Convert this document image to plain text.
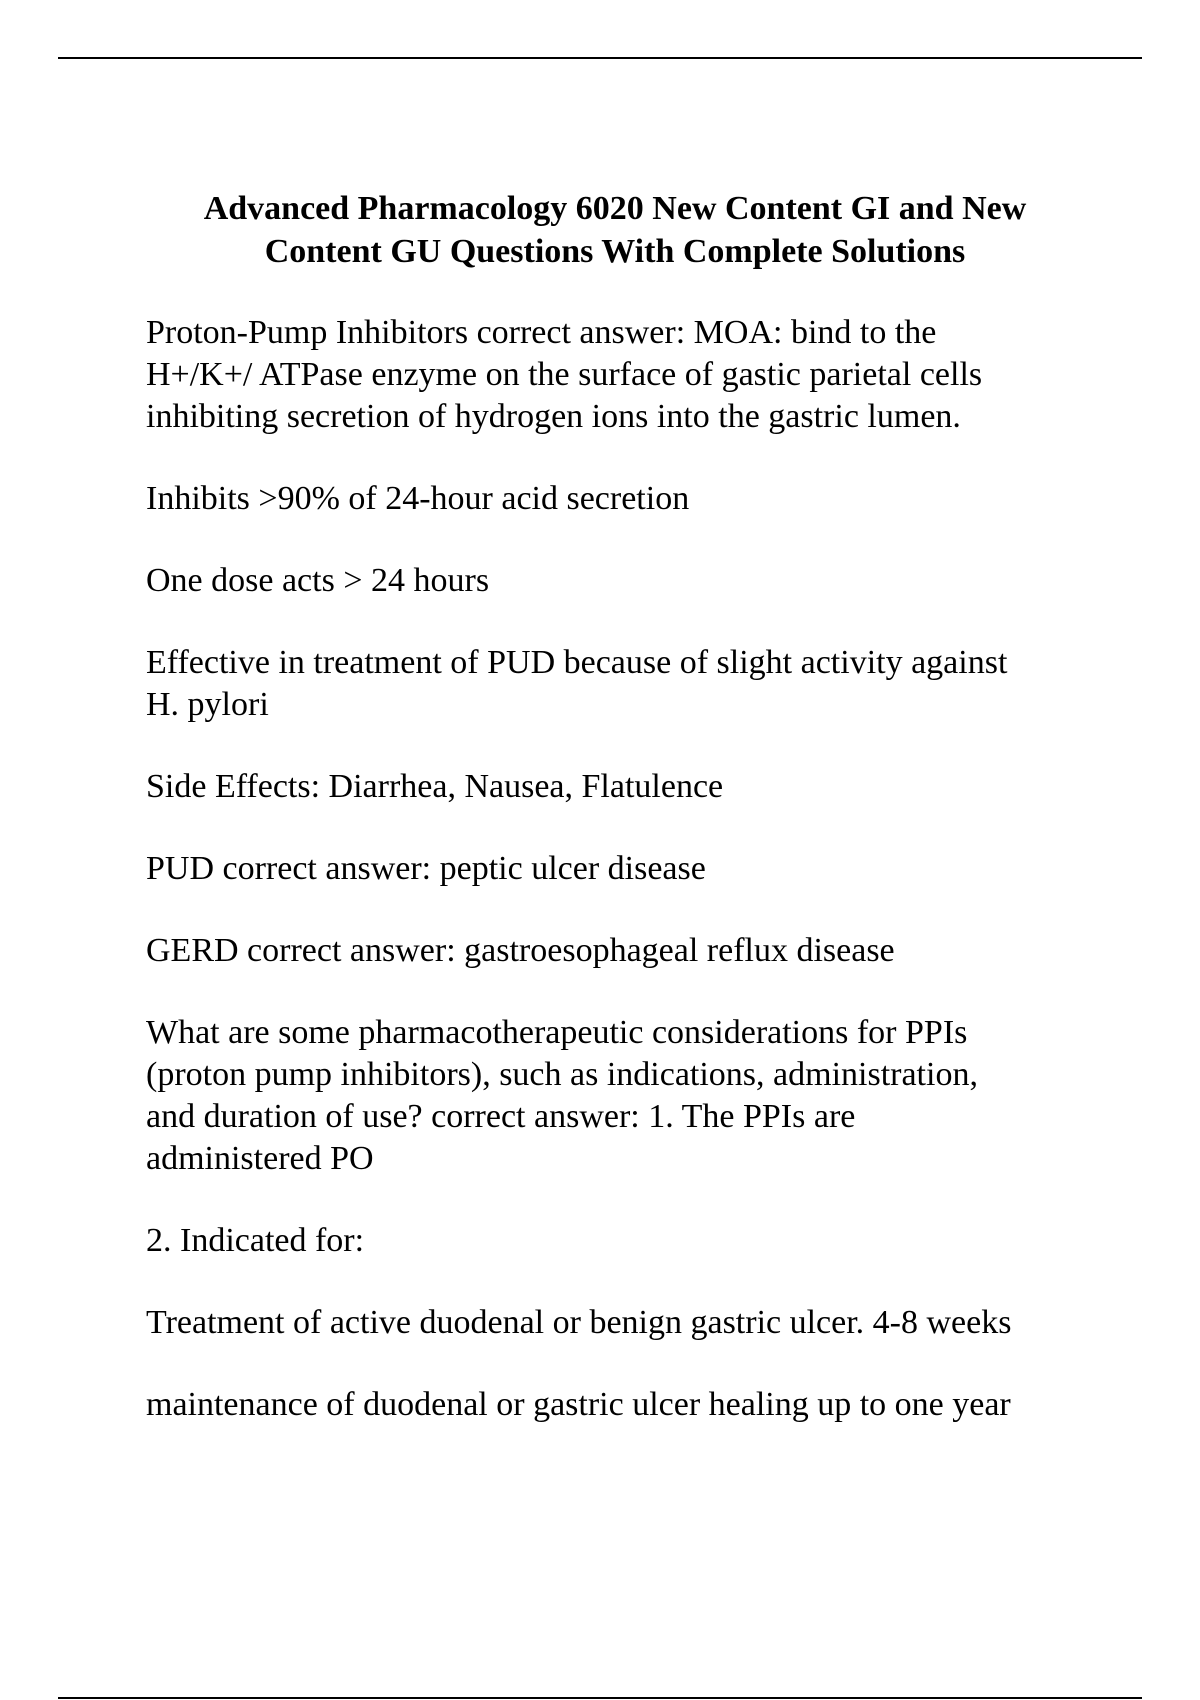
Advanced Pharmacology 6020 New Content GI and New
Content GU Questions With Complete Solutions

Proton-Pump Inhibitors correct answer: MOA: bind to the
H+/K+/ ATPase enzyme on the surface of gastic parietal cells
inhibiting secretion of hydrogen ions into the gastric lumen.

Inhibits >90% of 24-hour acid secretion

One dose acts > 24 hours

Effective in treatment of PUD because of slight activity against
H. pylori

Side Effects: Diarrhea, Nausea, Flatulence

PUD correct answer: peptic ulcer disease

GERD correct answer: gastroesophageal reflux disease

What are some pharmacotherapeutic considerations for PPIs
(proton pump inhibitors), such as indications, administration,
and duration of use? correct answer: 1. The PPIs are
administered PO

2. Indicated for:

Treatment of active duodenal or benign gastric ulcer. 4-8 weeks

maintenance of duodenal or gastric ulcer healing up to one year
